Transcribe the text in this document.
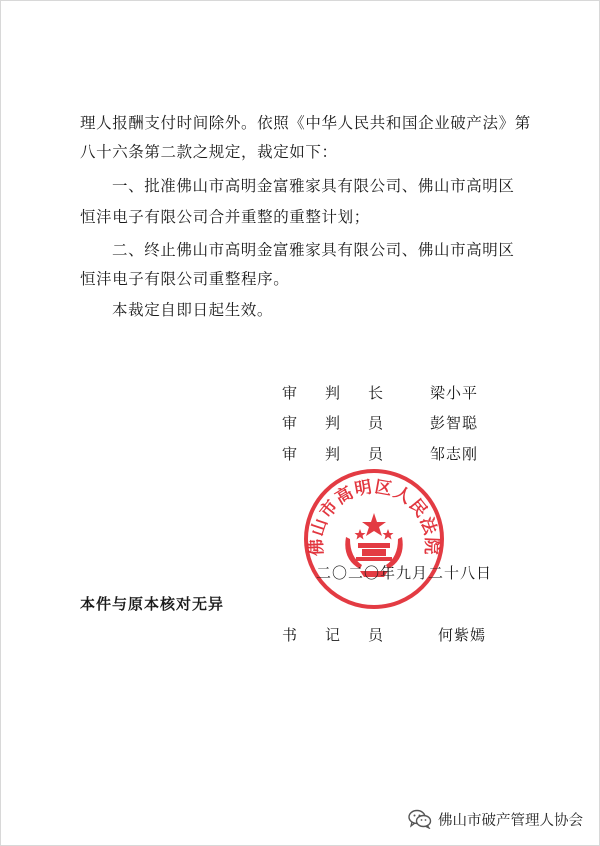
理人报酬支付时间除外。依照《中华人民共和国企业破产法》第
八十六条第二款之规定，裁定如下：
一、批准佛山市高明金富雅家具有限公司、佛山市高明区
恒沣电子有限公司合并重整的重整计划；
二、终止佛山市高明金富雅家具有限公司、佛山市高明区
恒沣电子有限公司重整程序。
本裁定自即日起生效。
审判长 梁小平
审判员 彭智聪
审判员 邹志刚
佛山市高明区人民法院
二〇二〇年九月二十八日
本件与原本核对无异
书记员 何紫嫣
佛山市破产管理人协会
